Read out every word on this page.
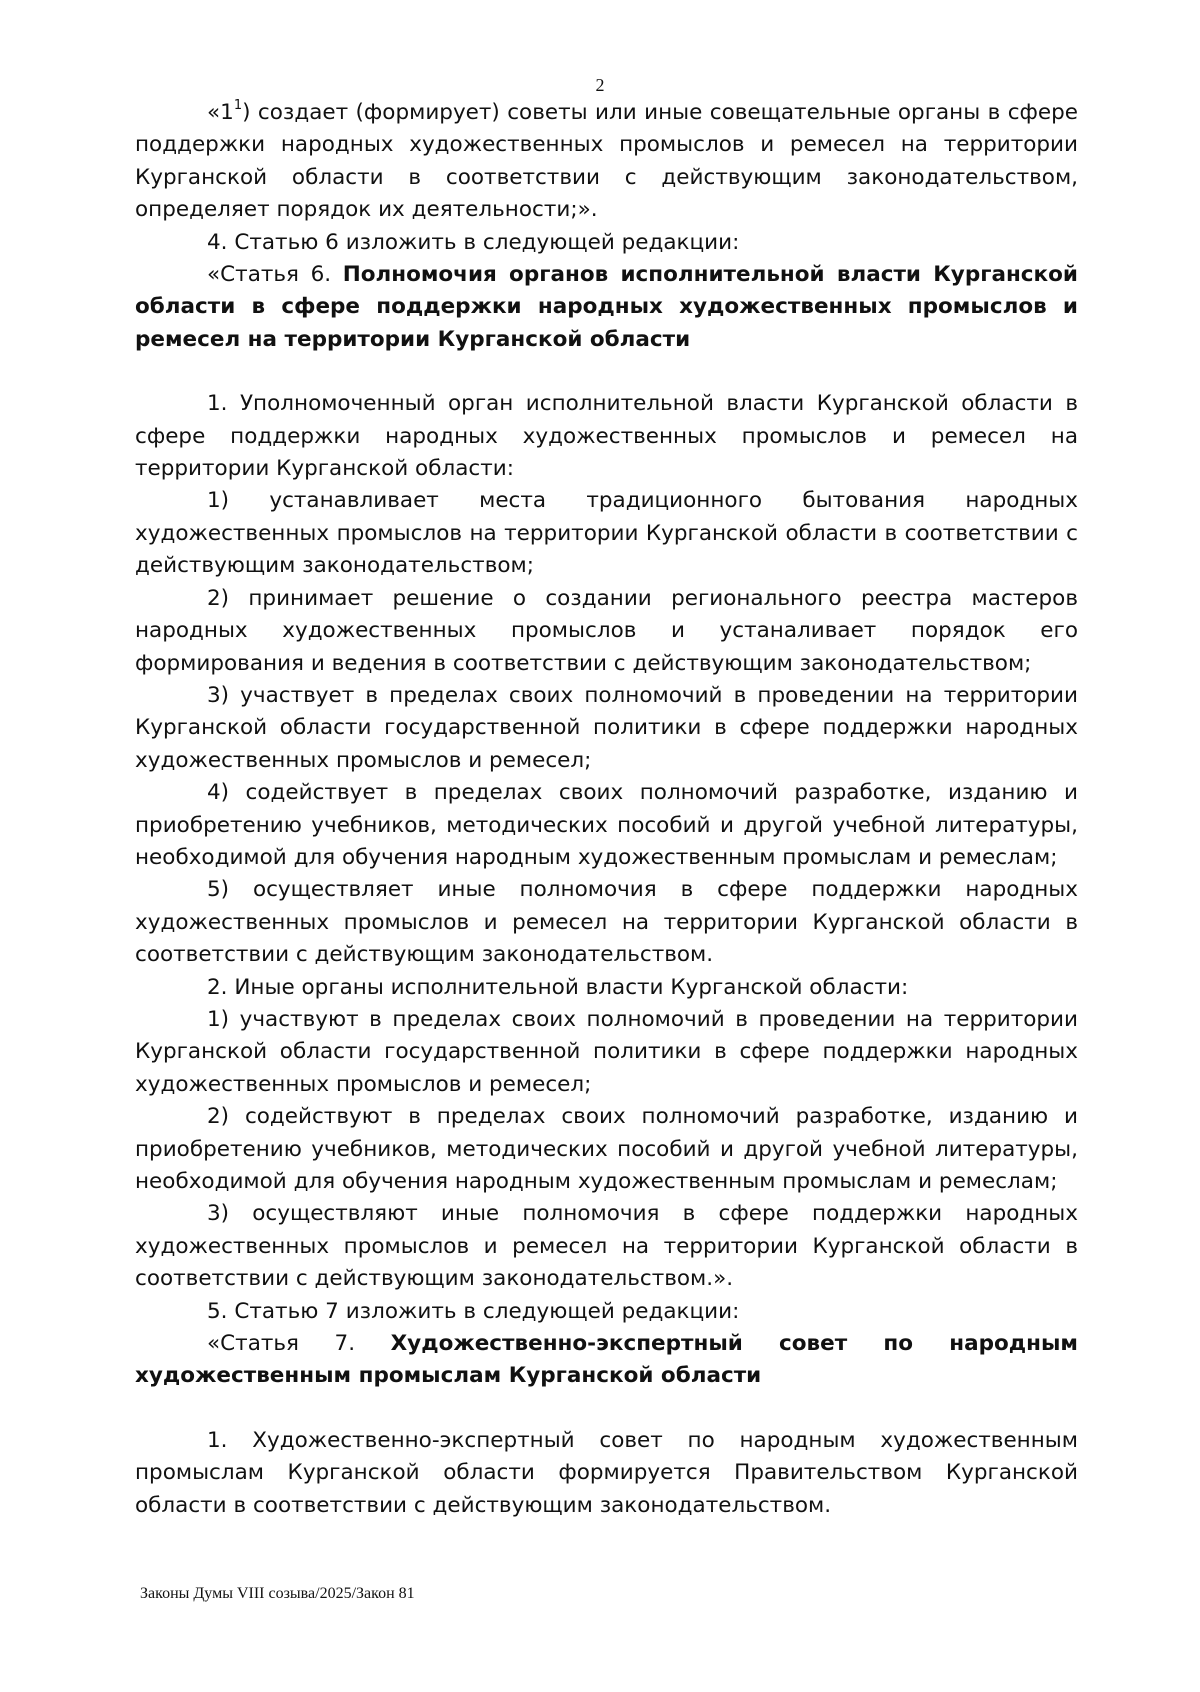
2

«$1^1$) создает (формирует) советы или иные совещательные органы в сфере поддержки народных художественных промыслов и ремесел на территории Курганской области в соответствии с действующим законодательством, определяет порядок их деятельности;».

4. Статью 6 изложить в следующей редакции:

«Статья 6. Полномочия органов исполнительной власти Курганской области в сфере поддержки народных художественных промыслов и ремесел на территории Курганской области

1. Уполномоченный орган исполнительной власти Курганской области в сфере поддержки народных художественных промыслов и ремесел на территории Курганской области:

1) устанавливает места традиционного бытования народных художественных промыслов на территории Курганской области в соответствии с действующим законодательством;

2) принимает решение о создании регионального реестра мастеров народных художественных промыслов и устаналивает порядок его формирования и ведения в соответствии с действующим законодательством;

3) участвует в пределах своих полномочий в проведении на территории Курганской области государственной политики в сфере поддержки народных художественных промыслов и ремесел;

4) содействует в пределах своих полномочий разработке, изданию и приобретению учебников, методических пособий и другой учебной литературы, необходимой для обучения народным художественным промыслам и ремеслам;

5) осуществляет иные полномочия в сфере поддержки народных художественных промыслов и ремесел на территории Курганской области в соответствии с действующим законодательством.

2. Иные органы исполнительной власти Курганской области:

1) участвуют в пределах своих полномочий в проведении на территории Курганской области государственной политики в сфере поддержки народных художественных промыслов и ремесел;

2) содействуют в пределах своих полномочий разработке, изданию и приобретению учебников, методических пособий и другой учебной литературы, необходимой для обучения народным художественным промыслам и ремеслам;

3) осуществляют иные полномочия в сфере поддержки народных художественных промыслов и ремесел на территории Курганской области в соответствии с действующим законодательством.».

5. Статью 7 изложить в следующей редакции:

«Статья 7. Художественно-экспертный совет по народным художественным промыслам Курганской области

1. Художественно-экспертный совет по народным художественным промыслам Курганской области формируется Правительством Курганской области в соответствии с действующим законодательством.

Законы Думы VIII созыва/2025/Закон 81
